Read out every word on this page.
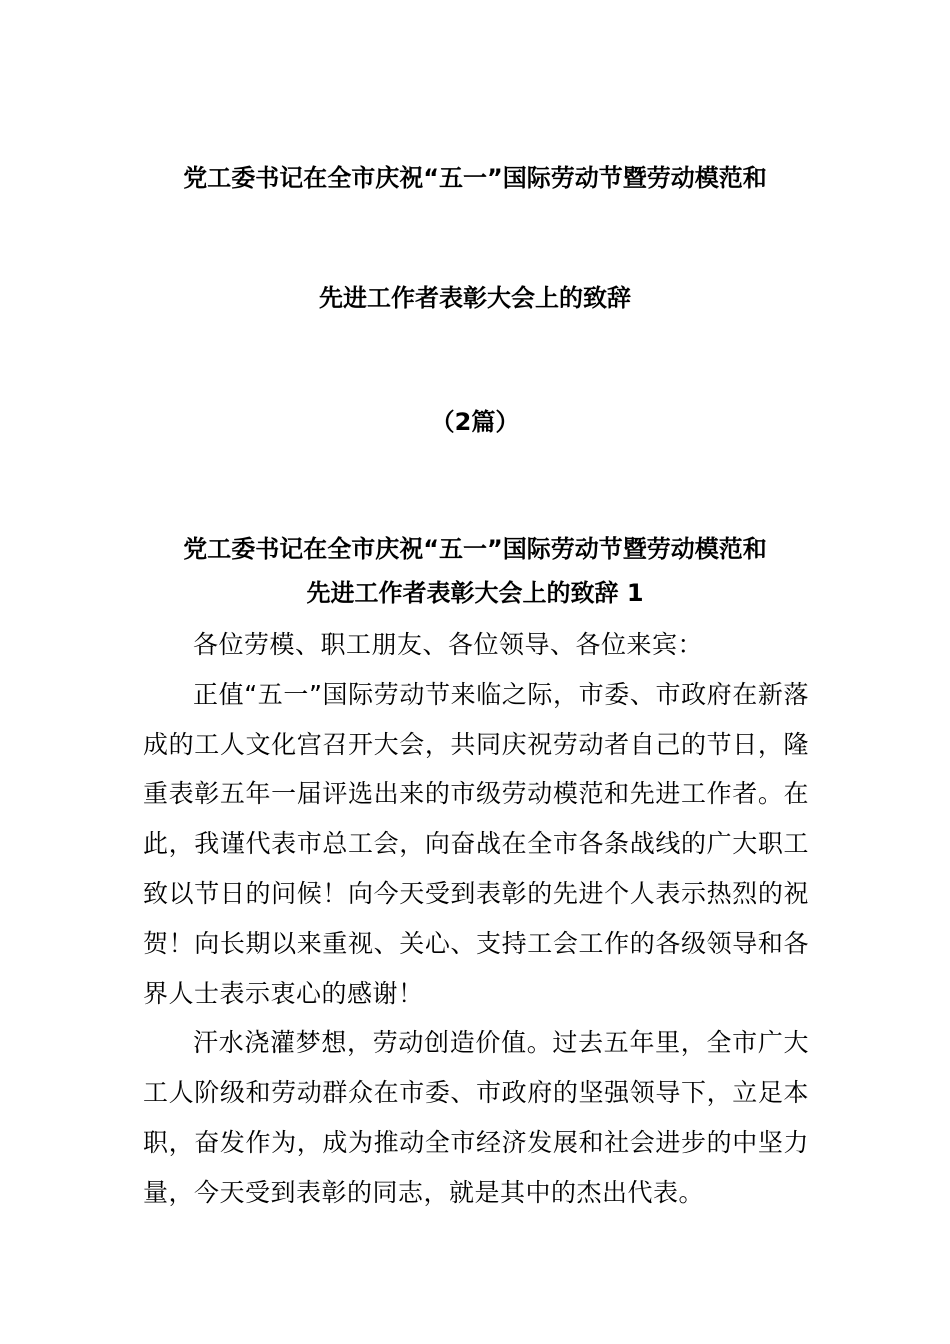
党工委书记在全市庆祝“五一”国际劳动节暨劳动模范和
先进工作者表彰大会上的致辞
（2篇）
党工委书记在全市庆祝“五一”国际劳动节暨劳动模范和
先进工作者表彰大会上的致辞 1

各位劳模、职工朋友、各位领导、各位来宾：

正值“五一”国际劳动节来临之际，市委、市政府在新落成的工人文化宫召开大会，共同庆祝劳动者自己的节日，隆重表彰五年一届评选出来的市级劳动模范和先进工作者。在此，我谨代表市总工会，向奋战在全市各条战线的广大职工致以节日的问候！向今天受到表彰的先进个人表示热烈的祝贺！向长期以来重视、关心、支持工会工作的各级领导和各界人士表示衷心的感谢！

汗水浇灌梦想，劳动创造价值。过去五年里，全市广大工人阶级和劳动群众在市委、市政府的坚强领导下，立足本职，奋发作为，成为推动全市经济发展和社会进步的中坚力量，今天受到表彰的同志，就是其中的杰出代表。
